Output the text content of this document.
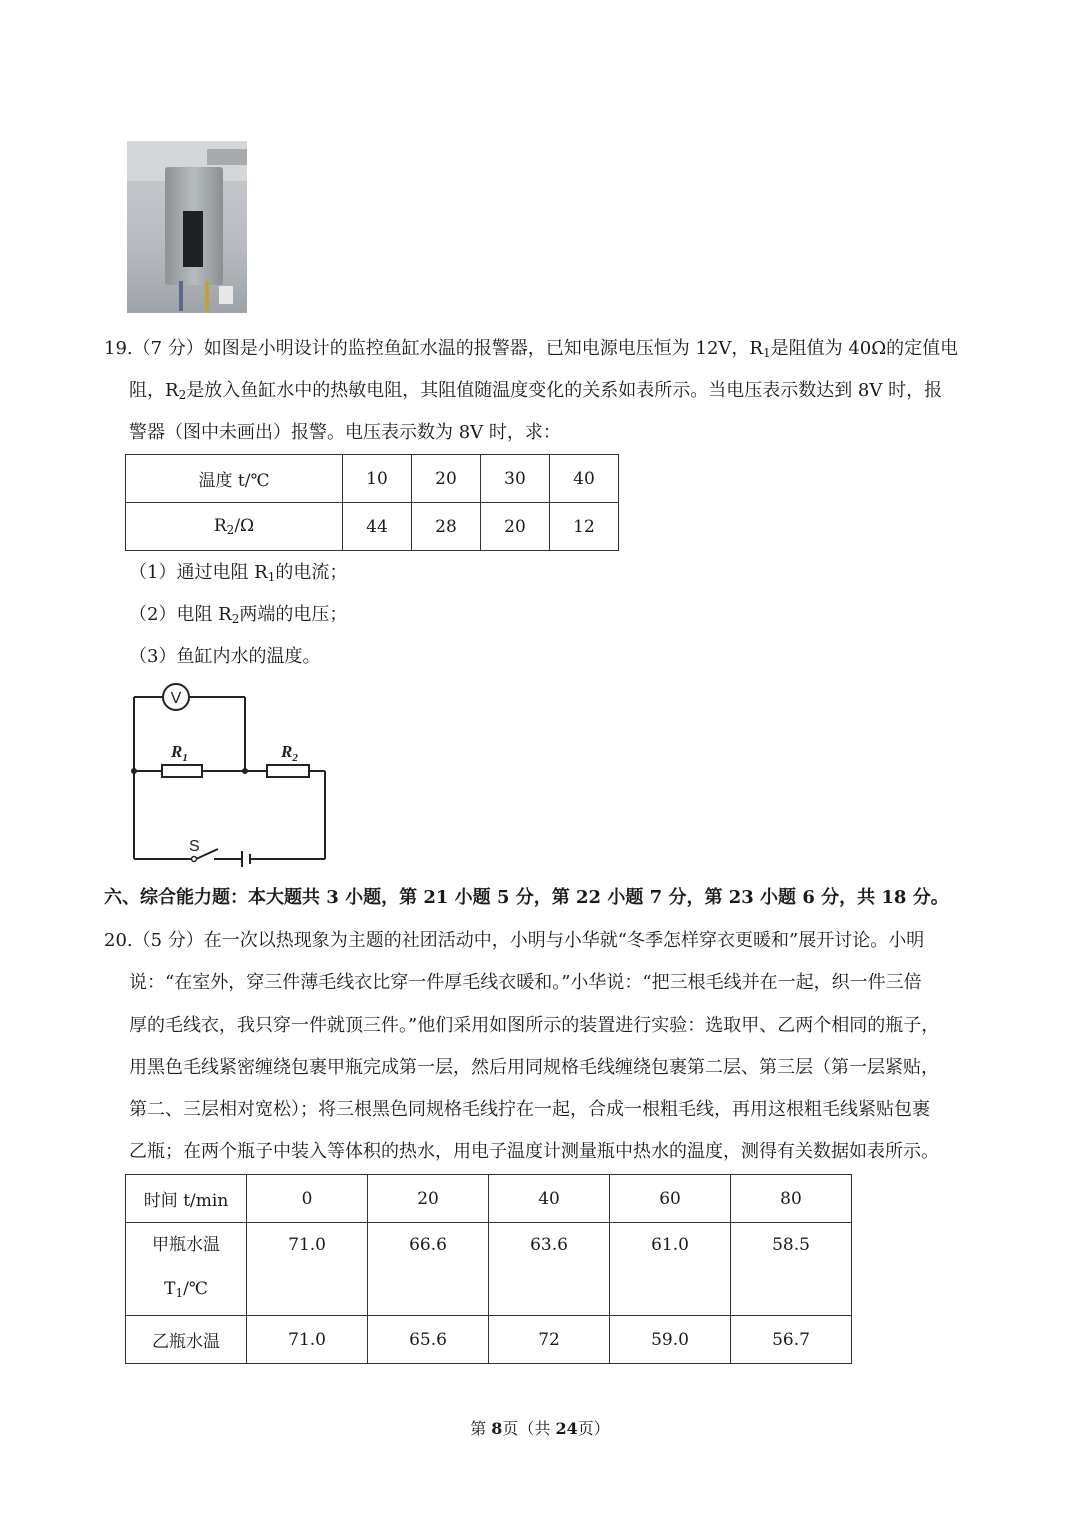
19.（7 分）如图是小明设计的监控鱼缸水温的报警器，已知电源电压恒为 12V，$R_1$是阻值为 40Ω的定值电
阻，$R_2$是放入鱼缸水中的热敏电阻，其阻值随温度变化的关系如表所示。当电压表示数达到 8V 时，报
警器（图中未画出）报警。电压表示数为 8V 时，求：
温度 t/℃	10	20	30	40
$R_2/\Omega$	44	28	20	12
（1）通过电阻 $R_1$的电流；
（2）电阻 $R_2$两端的电压；
（3）鱼缸内水的温度。
V
$R_1$	$R_2$
S
六、综合能力题：本大题共 3 小题，第 21 小题 5 分，第 22 小题 7 分，第 23 小题 6 分，共 18 分。
20.（5 分）在一次以热现象为主题的社团活动中，小明与小华就“冬季怎样穿衣更暖和”展开讨论。小明
说：“在室外，穿三件薄毛线衣比穿一件厚毛线衣暖和。”小华说：“把三根毛线并在一起，织一件三倍
厚的毛线衣，我只穿一件就顶三件。”他们采用如图所示的装置进行实验：选取甲、乙两个相同的瓶子，
用黑色毛线紧密缠绕包裹甲瓶完成第一层，然后用同规格毛线缠绕包裹第二层、第三层（第一层紧贴，
第二、三层相对宽松）；将三根黑色同规格毛线拧在一起，合成一根粗毛线，再用这根粗毛线紧贴包裹
乙瓶；在两个瓶子中装入等体积的热水，用电子温度计测量瓶中热水的温度，测得有关数据如表所示。
时间 t/min	0	20	40	60	80

甲瓶水温
$T_1/℃$	71.0	66.6	63.6	61.0	58.5
乙瓶水温	71.0	65.6	72	59.0	56.7
第 8页（共 24页）
